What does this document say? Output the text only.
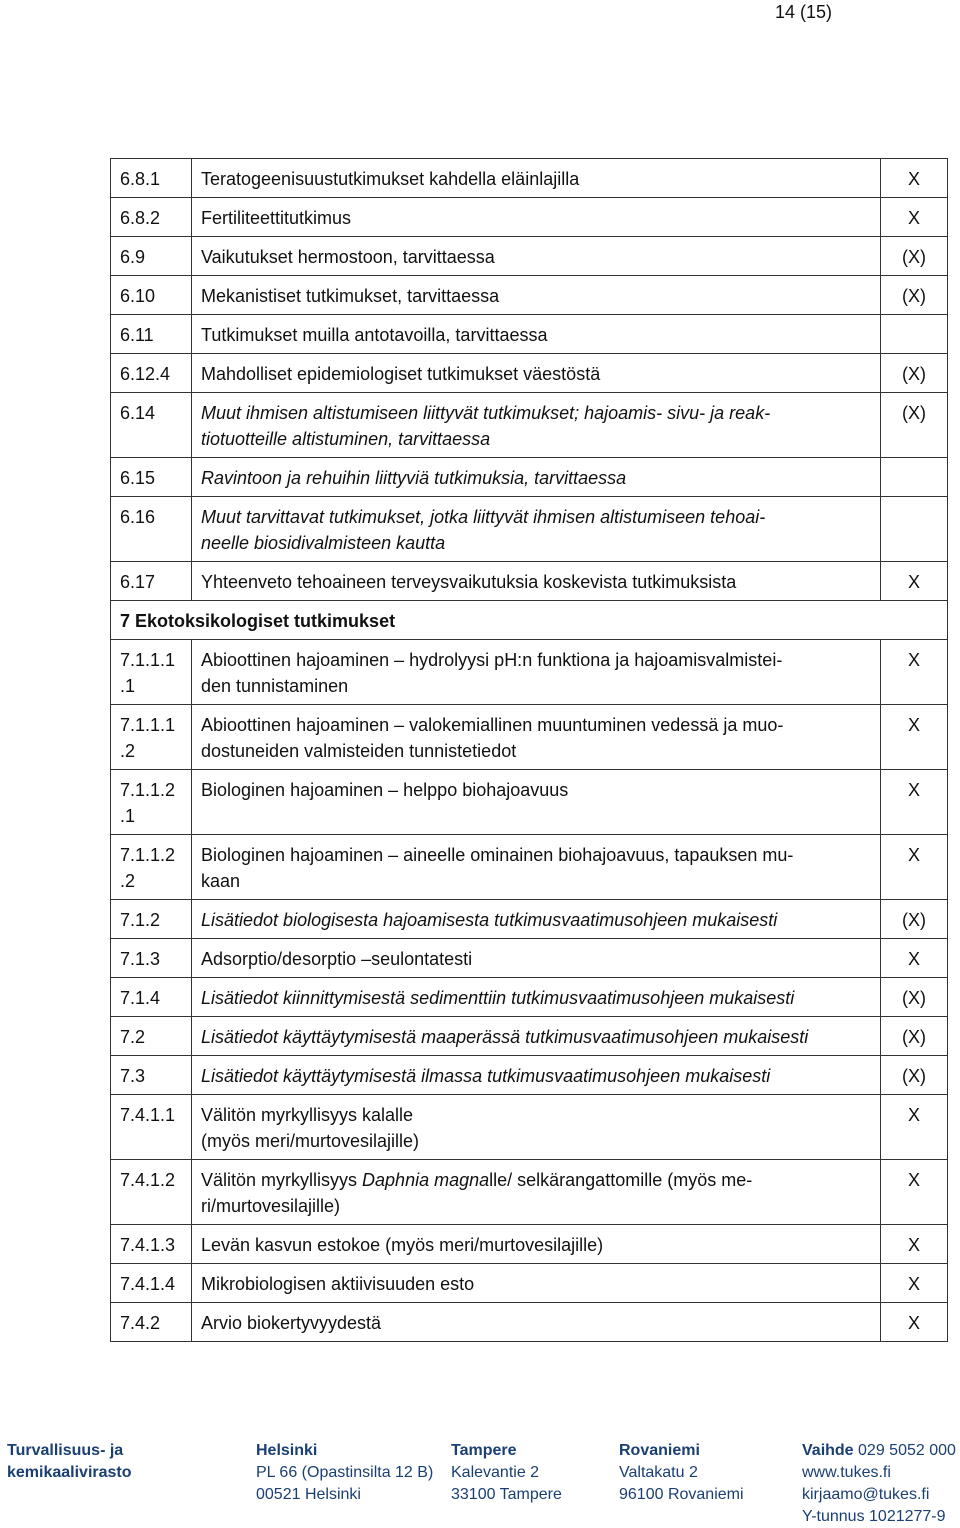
14 (15)
6.8.1	Teratogeenisuustutkimukset kahdella eläinlajilla	X
6.8.2	Fertiliteettitutkimus	X
6.9	Vaikutukset hermostoon, tarvittaessa	(X)
6.10	Mekanistiset tutkimukset, tarvittaessa	(X)
6.11	Tutkimukset muilla antotavoilla, tarvittaessa	
6.12.4	Mahdolliset epidemiologiset tutkimukset väestöstä	(X)
6.14	Muut ihmisen altistumiseen liittyvät tutkimukset; hajoamis- sivu- ja reak-
tiotuotteille altistuminen, tarvittaessa	(X)
6.15	Ravintoon ja rehuihin liittyviä tutkimuksia, tarvittaessa	
6.16	Muut tarvittavat tutkimukset, jotka liittyvät ihmisen altistumiseen tehoai-
neelle biosidivalmisteen kautta	
6.17	Yhteenveto tehoaineen terveysvaikutuksia koskevista tutkimuksista	X
7 Ekotoksikologiset tutkimukset		
7.1.1.1
.1	Abioottinen hajoaminen – hydrolyysi pH:n funktiona ja hajoamisvalmistei-
den tunnistaminen	X
7.1.1.1
.2	Abioottinen hajoaminen – valokemiallinen muuntuminen vedessä ja muo-
dostuneiden valmisteiden tunnistetiedot	X
7.1.1.2
.1	Biologinen hajoaminen – helppo biohajoavuus	X
7.1.1.2
.2	Biologinen hajoaminen – aineelle ominainen biohajoavuus, tapauksen mu-
kaan	X
7.1.2	Lisätiedot biologisesta hajoamisesta tutkimusvaatimusohjeen mukaisesti	(X)
7.1.3	Adsorptio/desorptio –seulontatesti	X
7.1.4	Lisätiedot kiinnittymisestä sedimenttiin tutkimusvaatimusohjeen mukaisesti	(X)
7.2	Lisätiedot käyttäytymisestä maaperässä tutkimusvaatimusohjeen mukaisesti	(X)
7.3	Lisätiedot käyttäytymisestä ilmassa tutkimusvaatimusohjeen mukaisesti	(X)
7.4.1.1	Välitön myrkyllisyys kalalle
(myös meri/murtovesilajille)	X
7.4.1.2	Välitön myrkyllisyys Daphnia magnalle/ selkärangattomille (myös me-
ri/murtovesilajille)	X
7.4.1.3	Levän kasvun estokoe (myös meri/murtovesilajille)	X
7.4.1.4	Mikrobiologisen aktiivisuuden esto	X
7.4.2	Arvio biokertyvyydestä	X
Turvallisuus- ja
kemikaalivirasto
Helsinki
PL 66 (Opastinsilta 12 B)
00521 Helsinki
Tampere
Kalevantie 2
33100 Tampere
Rovaniemi
Valtakatu 2
96100 Rovaniemi
Vaihde 029 5052 000
www.tukes.fi
kirjaamo@tukes.fi
Y-tunnus 1021277-9
